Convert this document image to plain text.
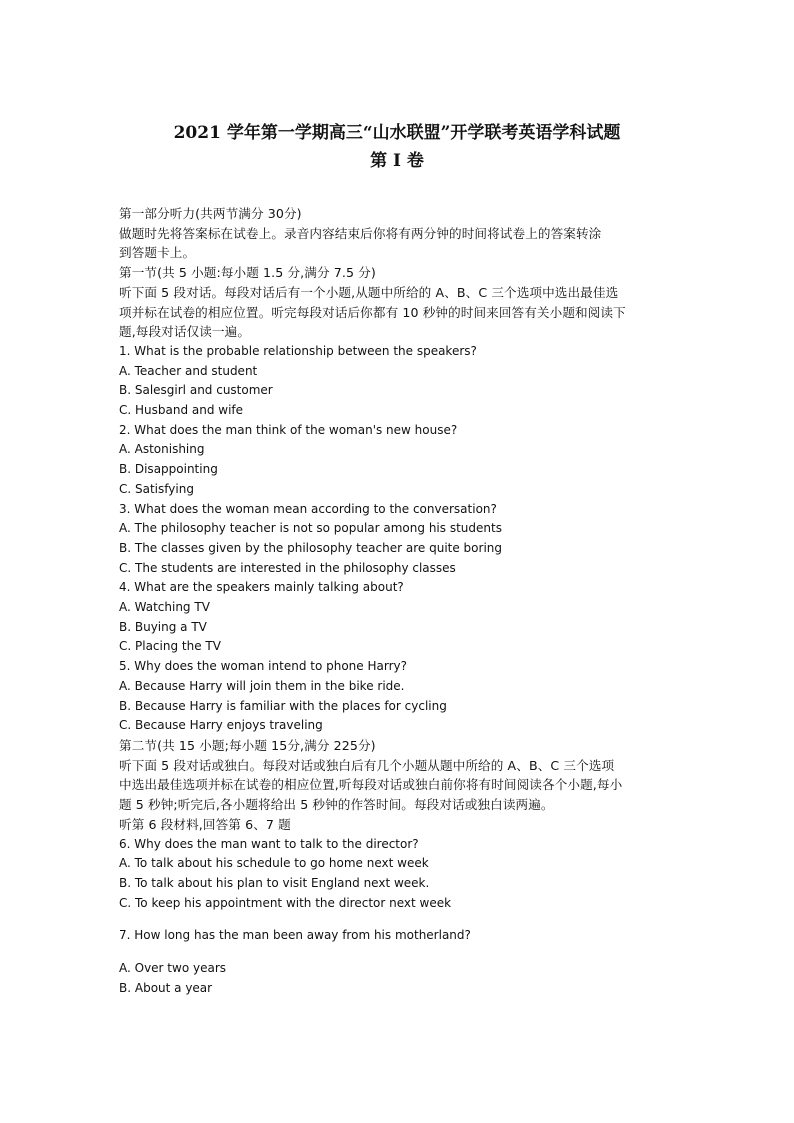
2021 学年第一学期高三“山水联盟”开学联考英语学科试题
第 I 卷
第一部分听力(共两节满分 30分)
做题时先将答案标在试卷上。录音内容结束后你将有两分钟的时间将试卷上的答案转涂
到答题卡上。
第一节(共 5 小题:每小题 1.5 分,满分 7.5 分)
听下面 5 段对话。每段对话后有一个小题,从题中所给的 A、B、C 三个选项中选出最佳选
项并标在试卷的相应位置。听完每段对话后你都有 10 秒钟的时间来回答有关小题和阅读下
题,每段对话仅读一遍。
1. What is the probable relationship between the speakers?
A. Teacher and student
B. Salesgirl and customer
C. Husband and wife
2. What does the man think of the woman's new house?
A. Astonishing
B. Disappointing
C. Satisfying
3. What does the woman mean according to the conversation?
A. The philosophy teacher is not so popular among his students
B. The classes given by the philosophy teacher are quite boring
C. The students are interested in the philosophy classes
4. What are the speakers mainly talking about?
A. Watching TV
B. Buying a TV
C. Placing the TV
5. Why does the woman intend to phone Harry?
A. Because Harry will join them in the bike ride.
B. Because Harry is familiar with the places for cycling
C. Because Harry enjoys traveling
第二节(共 15 小题;每小题 15分,满分 225分)
听下面 5 段对话或独白。每段对话或独白后有几个小题从题中所给的 A、B、C 三个选项
中选出最佳选项并标在试卷的相应位置,听每段对话或独白前你将有时间阅读各个小题,每小
题 5 秒钟;听完后,各小题将给出 5 秒钟的作答时间。每段对话或独白读两遍。
听第 6 段材料,回答第 6、7 题
6. Why does the man want to talk to the director?
A. To talk about his schedule to go home next week
B. To talk about his plan to visit England next week.
C. To keep his appointment with the director next week
7. How long has the man been away from his motherland?
A. Over two years
B. About a year
